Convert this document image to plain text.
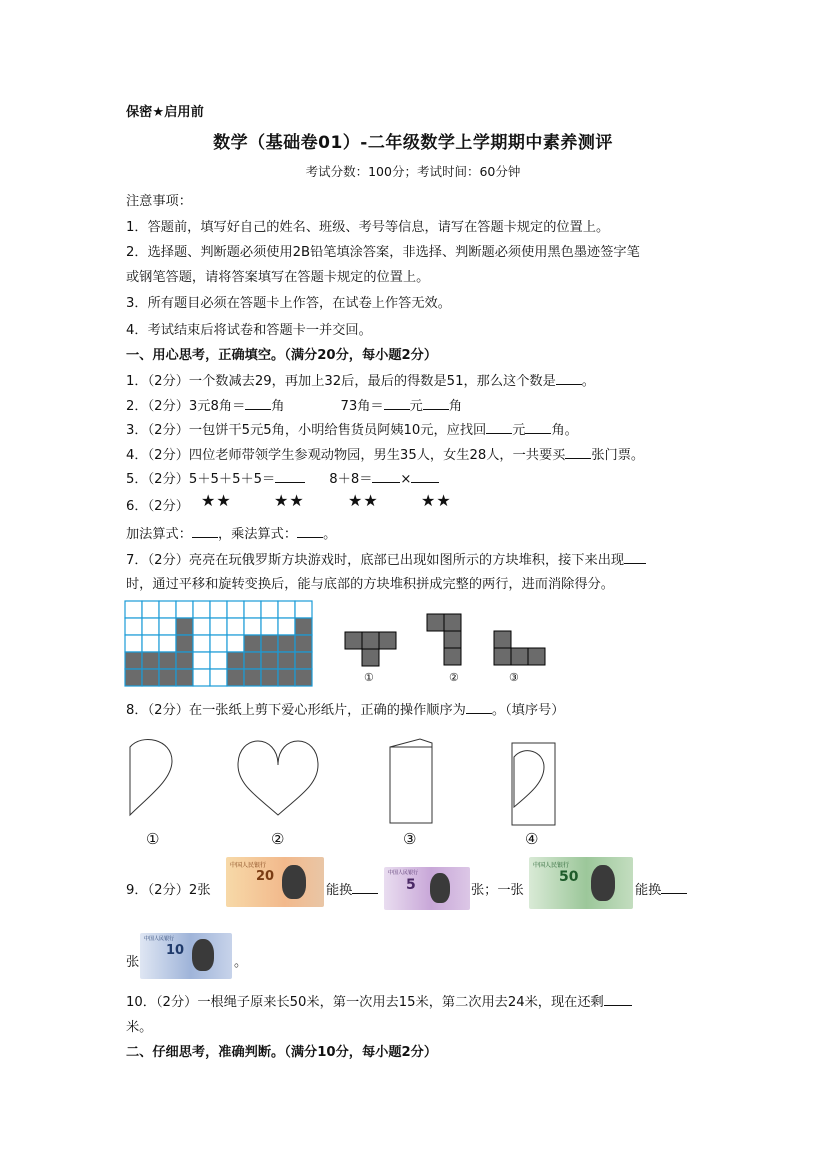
保密★启用前
数学（基础卷01）-二年级数学上学期期中素养测评
考试分数：100分；考试时间：60分钟
注意事项：
1．答题前，填写好自己的姓名、班级、考号等信息，请写在答题卡规定的位置上。
2．选择题、判断题必须使用2B铅笔填涂答案，非选择、判断题必须使用黑色墨迹签字笔
或钢笔答题，请将答案填写在答题卡规定的位置上。
3．所有题目必须在答题卡上作答，在试卷上作答无效。
4．考试结束后将试卷和答题卡一并交回。
一、用心思考，正确填空。（满分20分，每小题2分）
1．（2分）一个数减去29，再加上32后，最后的得数是51，那么这个数是 。
2．（2分）3元8角＝ 角	73角＝ 元 角
3．（2分）一包饼干5元5角，小明给售货员阿姨10元，应找回 元 角。
4．（2分）四位老师带领学生参观动物园，男生35人，女生28人，一共要买 张门票。
5．（2分）5＋5＋5＋5＝	8＋8＝ ×
6．（2分） ★★	★★	★★	★★
加法算式： ，乘法算式： 。
7．（2分）亮亮在玩俄罗斯方块游戏时，底部已出现如图所示的方块堆积，接下来出现
时，通过平移和旋转变换后，能与底部的方块堆积拼成完整的两行，进而消除得分。
①	②	③
8．（2分）在一张纸上剪下爱心形纸片，正确的操作顺序为 。（填序号）
①	②	③	④
9．（2分）2张
20
中国人民银行
能换	5
中国人民银行
张；一张
50
中国人民银行
能换
张
10
中国人民银行
。
10．（2分）一根绳子原来长50米，第一次用去15米，第二次用去24米，现在还剩
米。
二、仔细思考，准确判断。（满分10分，每小题2分）
